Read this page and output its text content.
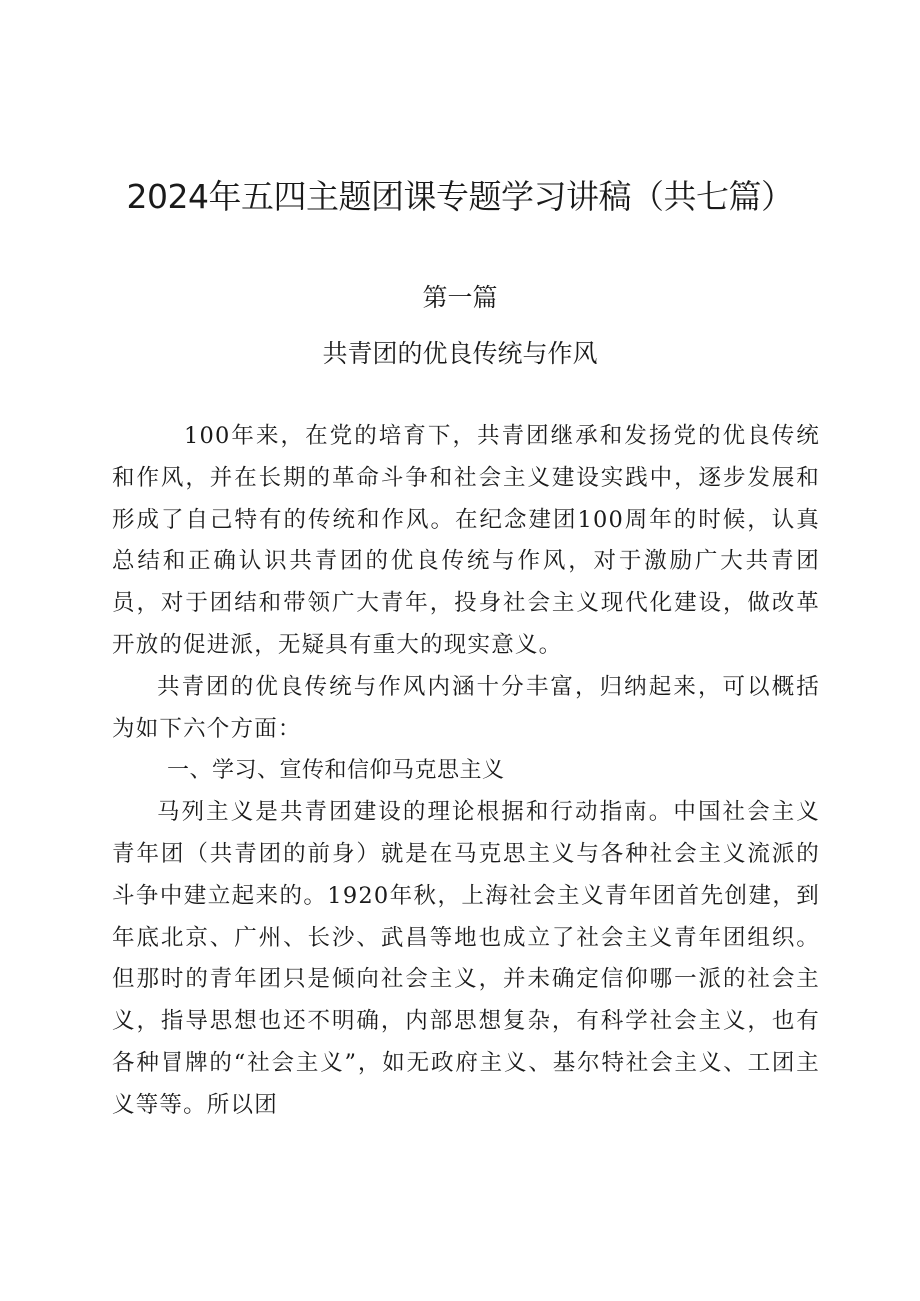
2024年五四主题团课专题学习讲稿（共七篇）
第一篇
共青团的优良传统与作风

100年来，在党的培育下，共青团继承和发扬党的优良传统和作风，并在长期的革命斗争和社会主义建设实践中，逐步发展和形成了自己特有的传统和作风。在纪念建团100周年的时候，认真总结和正确认识共青团的优良传统与作风，对于激励广大共青团员，对于团结和带领广大青年，投身社会主义现代化建设，做改革开放的促进派，无疑具有重大的现实意义。

共青团的优良传统与作风内涵十分丰富，归纳起来，可以概括为如下六个方面：

一、学习、宣传和信仰马克思主义

马列主义是共青团建设的理论根据和行动指南。中国社会主义青年团（共青团的前身）就是在马克思主义与各种社会主义流派的斗争中建立起来的。1920年秋，上海社会主义青年团首先创建，到年底北京、广州、长沙、武昌等地也成立了社会主义青年团组织。但那时的青年团只是倾向社会主义，并未确定信仰哪一派的社会主义，指导思想也还不明确，内部思想复杂，有科学社会主义，也有各种冒牌的“社会主义”，如无政府主义、基尔特社会主义、工团主义等等。所以团
